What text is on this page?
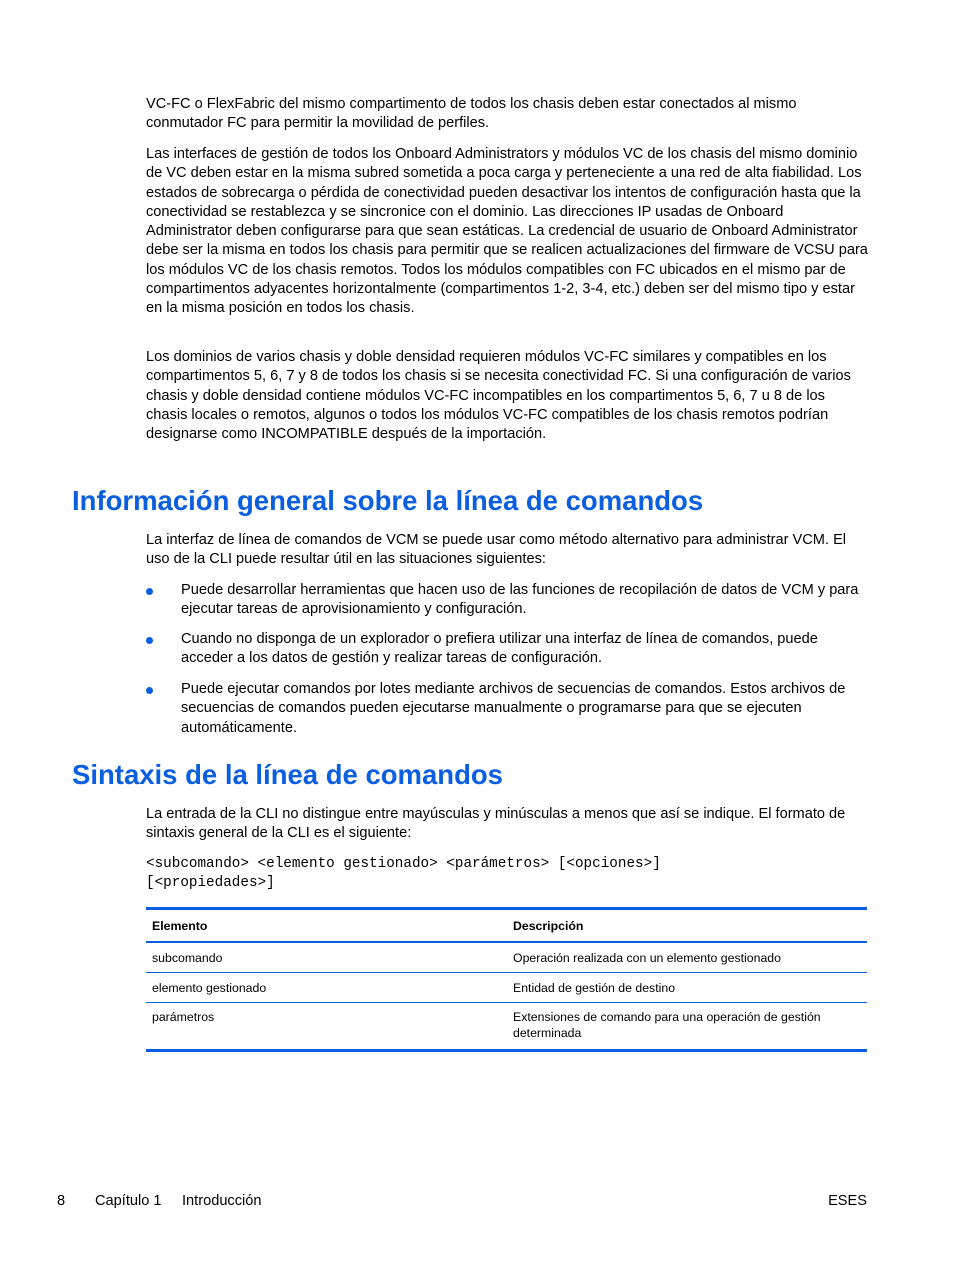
VC-FC o FlexFabric del mismo compartimento de todos los chasis deben estar conectados al mismo conmutador FC para permitir la movilidad de perfiles.

Las interfaces de gestión de todos los Onboard Administrators y módulos VC de los chasis del mismo dominio de VC deben estar en la misma subred sometida a poca carga y perteneciente a una red de alta fiabilidad. Los estados de sobrecarga o pérdida de conectividad pueden desactivar los intentos de configuración hasta que la conectividad se restablezca y se sincronice con el dominio. Las direcciones IP usadas de Onboard Administrator deben configurarse para que sean estáticas. La credencial de usuario de Onboard Administrator debe ser la misma en todos los chasis para permitir que se realicen actualizaciones del firmware de VCSU para los módulos VC de los chasis remotos. Todos los módulos compatibles con FC ubicados en el mismo par de compartimentos adyacentes horizontalmente (compartimentos 1-2, 3-4, etc.) deben ser del mismo tipo y estar en la misma posición en todos los chasis.

Los dominios de varios chasis y doble densidad requieren módulos VC-FC similares y compatibles en los compartimentos 5, 6, 7 y 8 de todos los chasis si se necesita conectividad FC. Si una configuración de varios chasis y doble densidad contiene módulos VC-FC incompatibles en los compartimentos 5, 6, 7 u 8 de los chasis locales o remotos, algunos o todos los módulos VC-FC compatibles de los chasis remotos podrían designarse como INCOMPATIBLE después de la importación.

Información general sobre la línea de comandos

La interfaz de línea de comandos de VCM se puede usar como método alternativo para administrar VCM. El uso de la CLI puede resultar útil en las situaciones siguientes:

Puede desarrollar herramientas que hacen uso de las funciones de recopilación de datos de VCM y para ejecutar tareas de aprovisionamiento y configuración.

Cuando no disponga de un explorador o prefiera utilizar una interfaz de línea de comandos, puede acceder a los datos de gestión y realizar tareas de configuración.

Puede ejecutar comandos por lotes mediante archivos de secuencias de comandos. Estos archivos de secuencias de comandos pueden ejecutarse manualmente o programarse para que se ejecuten automáticamente.

Sintaxis de la línea de comandos

La entrada de la CLI no distingue entre mayúsculas y minúsculas a menos que así se indique. El formato de sintaxis general de la CLI es el siguiente:

<subcomando> <elemento gestionado> <parámetros> [<opciones>]
[<propiedades>]
Elemento	Descripción
subcomando	Operación realizada con un elemento gestionado
elemento gestionado	Entidad de gestión de destino
parámetros	Extensiones de comando para una operación de gestión determinada
8 Capítulo 1 Introducción	ESES
